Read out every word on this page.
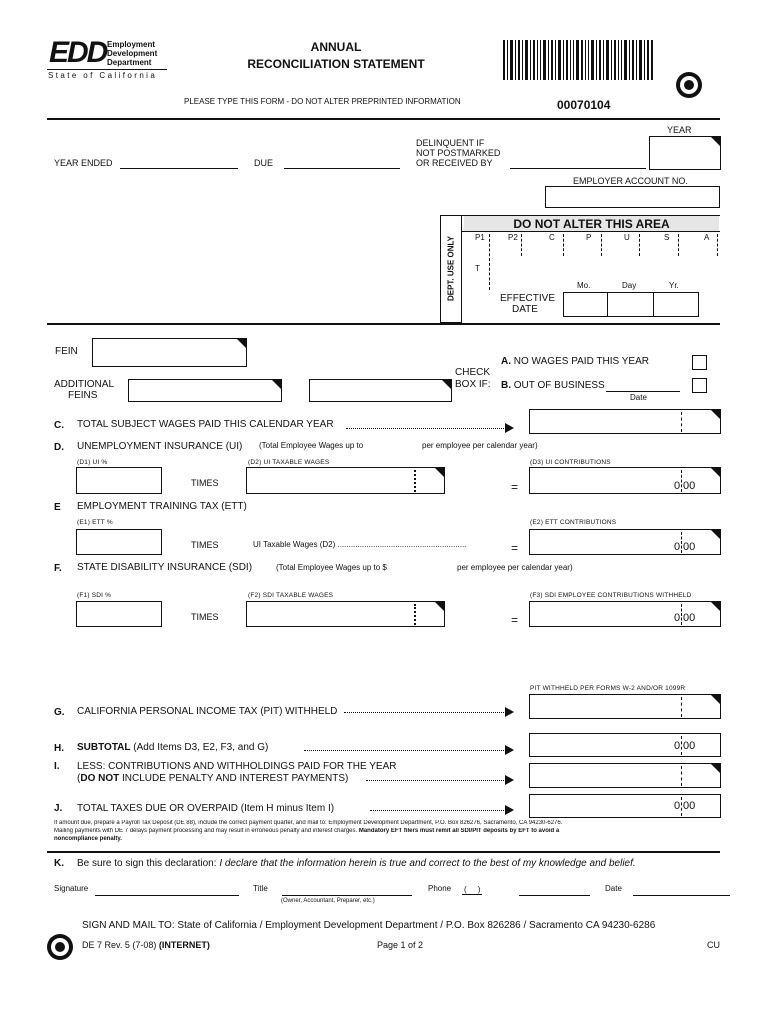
EDD Employment
Development
Department
State of California
ANNUAL
RECONCILIATION STATEMENT
PLEASE TYPE THIS FORM - DO NOT ALTER PREPRINTED INFORMATION	00070104
YEAR
DELINQUENT IF
NOT POSTMARKED
OR RECEIVED BY
YEAR ENDED	DUE
EMPLOYER ACCOUNT NO.
DEPT. USE ONLY
DO NOT ALTER THIS AREA
P1	P2	C	P	U	S	A
T
Mo.	Day	Yr.
EFFECTIVE
DATE
FEIN
ADDITIONAL
FEINS
CHECK
BOX IF:
A. NO WAGES PAID THIS YEAR
B. OUT OF BUSINESS
Date
C. TOTAL SUBJECT WAGES PAID THIS CALENDAR YEAR
D. UNEMPLOYMENT INSURANCE (UI) (Total Employee Wages up to	per employee per calendar year)
(D1) UI %	(D2) UI TAXABLE WAGES	(D3) UI CONTRIBUTIONS
TIMES	=	0 00
E EMPLOYMENT TRAINING TAX (ETT)
(E1) ETT %	(E2) ETT CONTRIBUTIONS
TIMES	UI Taxable Wages (D2) ..........................................................	=	0 00
F. STATE DISABILITY INSURANCE (SDI)	(Total Employee Wages up to $	per employee per calendar year)
(F1) SDI %	(F2) SDI TAXABLE WAGES	(F3) SDI EMPLOYEE CONTRIBUTIONS WITHHELD
TIMES	=	0 00
PIT WITHHELD PER FORMS W-2 AND/OR 1099R
G. CALIFORNIA PERSONAL INCOME TAX (PIT) WITHHELD
H. SUBTOTAL (Add Items D3, E2, F3, and G)	0 00
I. LESS: CONTRIBUTIONS AND WITHHOLDINGS PAID FOR THE YEAR
(DO NOT INCLUDE PENALTY AND INTEREST PAYMENTS)
J. TOTAL TAXES DUE OR OVERPAID (Item H minus Item I)	0 00
If amount due, prepare a Payroll Tax Deposit (DE 88), include the correct payment quarter, and mail to: Employment Development Department, P.O. Box 826276, Sacramento, CA 94230-6276.
Mailing payments with DE 7 delays payment processing and may result in erroneous penalty and interest charges. Mandatory EFT filers must remit all SDI/PIT deposits by EFT to avoid a
noncompliance penalty.
K. Be sure to sign this declaration: I declare that the information herein is true and correct to the best of my knowledge and belief.
Signature	Title
(Owner, Accountant, Preparer, etc.)
Phone (     )	Date
SIGN AND MAIL TO: State of California / Employment Development Department / P.O. Box 826286 / Sacramento CA 94230-6286
DE 7 Rev. 5 (7-08) (INTERNET)	Page 1 of 2	CU
